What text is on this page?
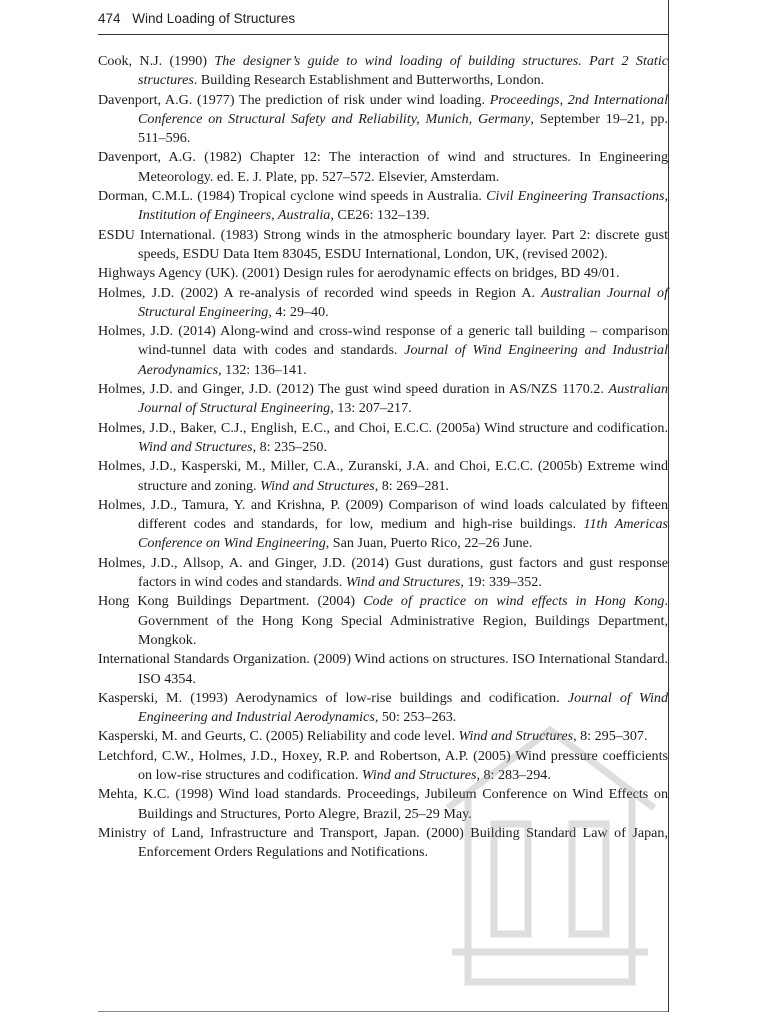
474 Wind Loading of Structures
Cook, N.J. (1990) The designer’s guide to wind loading of building structures. Part 2 Static structures. Building Research Establishment and Butterworths, London.
Davenport, A.G. (1977) The prediction of risk under wind loading. Proceedings, 2nd International Conference on Structural Safety and Reliability, Munich, Germany, September 19–21, pp. 511–596.
Davenport, A.G. (1982) Chapter 12: The interaction of wind and structures. In Engineering Meteorology. ed. E. J. Plate, pp. 527–572. Elsevier, Amsterdam.
Dorman, C.M.L. (1984) Tropical cyclone wind speeds in Australia. Civil Engineering Transactions, Institution of Engineers, Australia, CE26: 132–139.
ESDU International. (1983) Strong winds in the atmospheric boundary layer. Part 2: discrete gust speeds, ESDU Data Item 83045, ESDU International, London, UK, (revised 2002).
Highways Agency (UK). (2001) Design rules for aerodynamic effects on bridges, BD 49/01.
Holmes, J.D. (2002) A re-analysis of recorded wind speeds in Region A. Australian Journal of Structural Engineering, 4: 29–40.
Holmes, J.D. (2014) Along-wind and cross-wind response of a generic tall building – comparison wind-tunnel data with codes and standards. Journal of Wind Engineering and Industrial Aerodynamics, 132: 136–141.
Holmes, J.D. and Ginger, J.D. (2012) The gust wind speed duration in AS/NZS 1170.2. Australian Journal of Structural Engineering, 13: 207–217.
Holmes, J.D., Baker, C.J., English, E.C., and Choi, E.C.C. (2005a) Wind structure and codification. Wind and Structures, 8: 235–250.
Holmes, J.D., Kasperski, M., Miller, C.A., Zuranski, J.A. and Choi, E.C.C. (2005b) Extreme wind structure and zoning. Wind and Structures, 8: 269–281.
Holmes, J.D., Tamura, Y. and Krishna, P. (2009) Comparison of wind loads calculated by fifteen different codes and standards, for low, medium and high-rise buildings. 11th Americas Conference on Wind Engineering, San Juan, Puerto Rico, 22–26 June.
Holmes, J.D., Allsop, A. and Ginger, J.D. (2014) Gust durations, gust factors and gust response factors in wind codes and standards. Wind and Structures, 19: 339–352.
Hong Kong Buildings Department. (2004) Code of practice on wind effects in Hong Kong. Government of the Hong Kong Special Administrative Region, Buildings Department, Mongkok.
International Standards Organization. (2009) Wind actions on structures. ISO International Standard. ISO 4354.
Kasperski, M. (1993) Aerodynamics of low-rise buildings and codification. Journal of Wind Engineering and Industrial Aerodynamics, 50: 253–263.
Kasperski, M. and Geurts, C. (2005) Reliability and code level. Wind and Structures, 8: 295–307.
Letchford, C.W., Holmes, J.D., Hoxey, R.P. and Robertson, A.P. (2005) Wind pressure coefficients on low-rise structures and codification. Wind and Structures, 8: 283–294.
Mehta, K.C. (1998) Wind load standards. Proceedings, Jubileum Conference on Wind Effects on Buildings and Structures, Porto Alegre, Brazil, 25–29 May.
Ministry of Land, Infrastructure and Transport, Japan. (2000) Building Standard Law of Japan, Enforcement Orders Regulations and Notifications.
